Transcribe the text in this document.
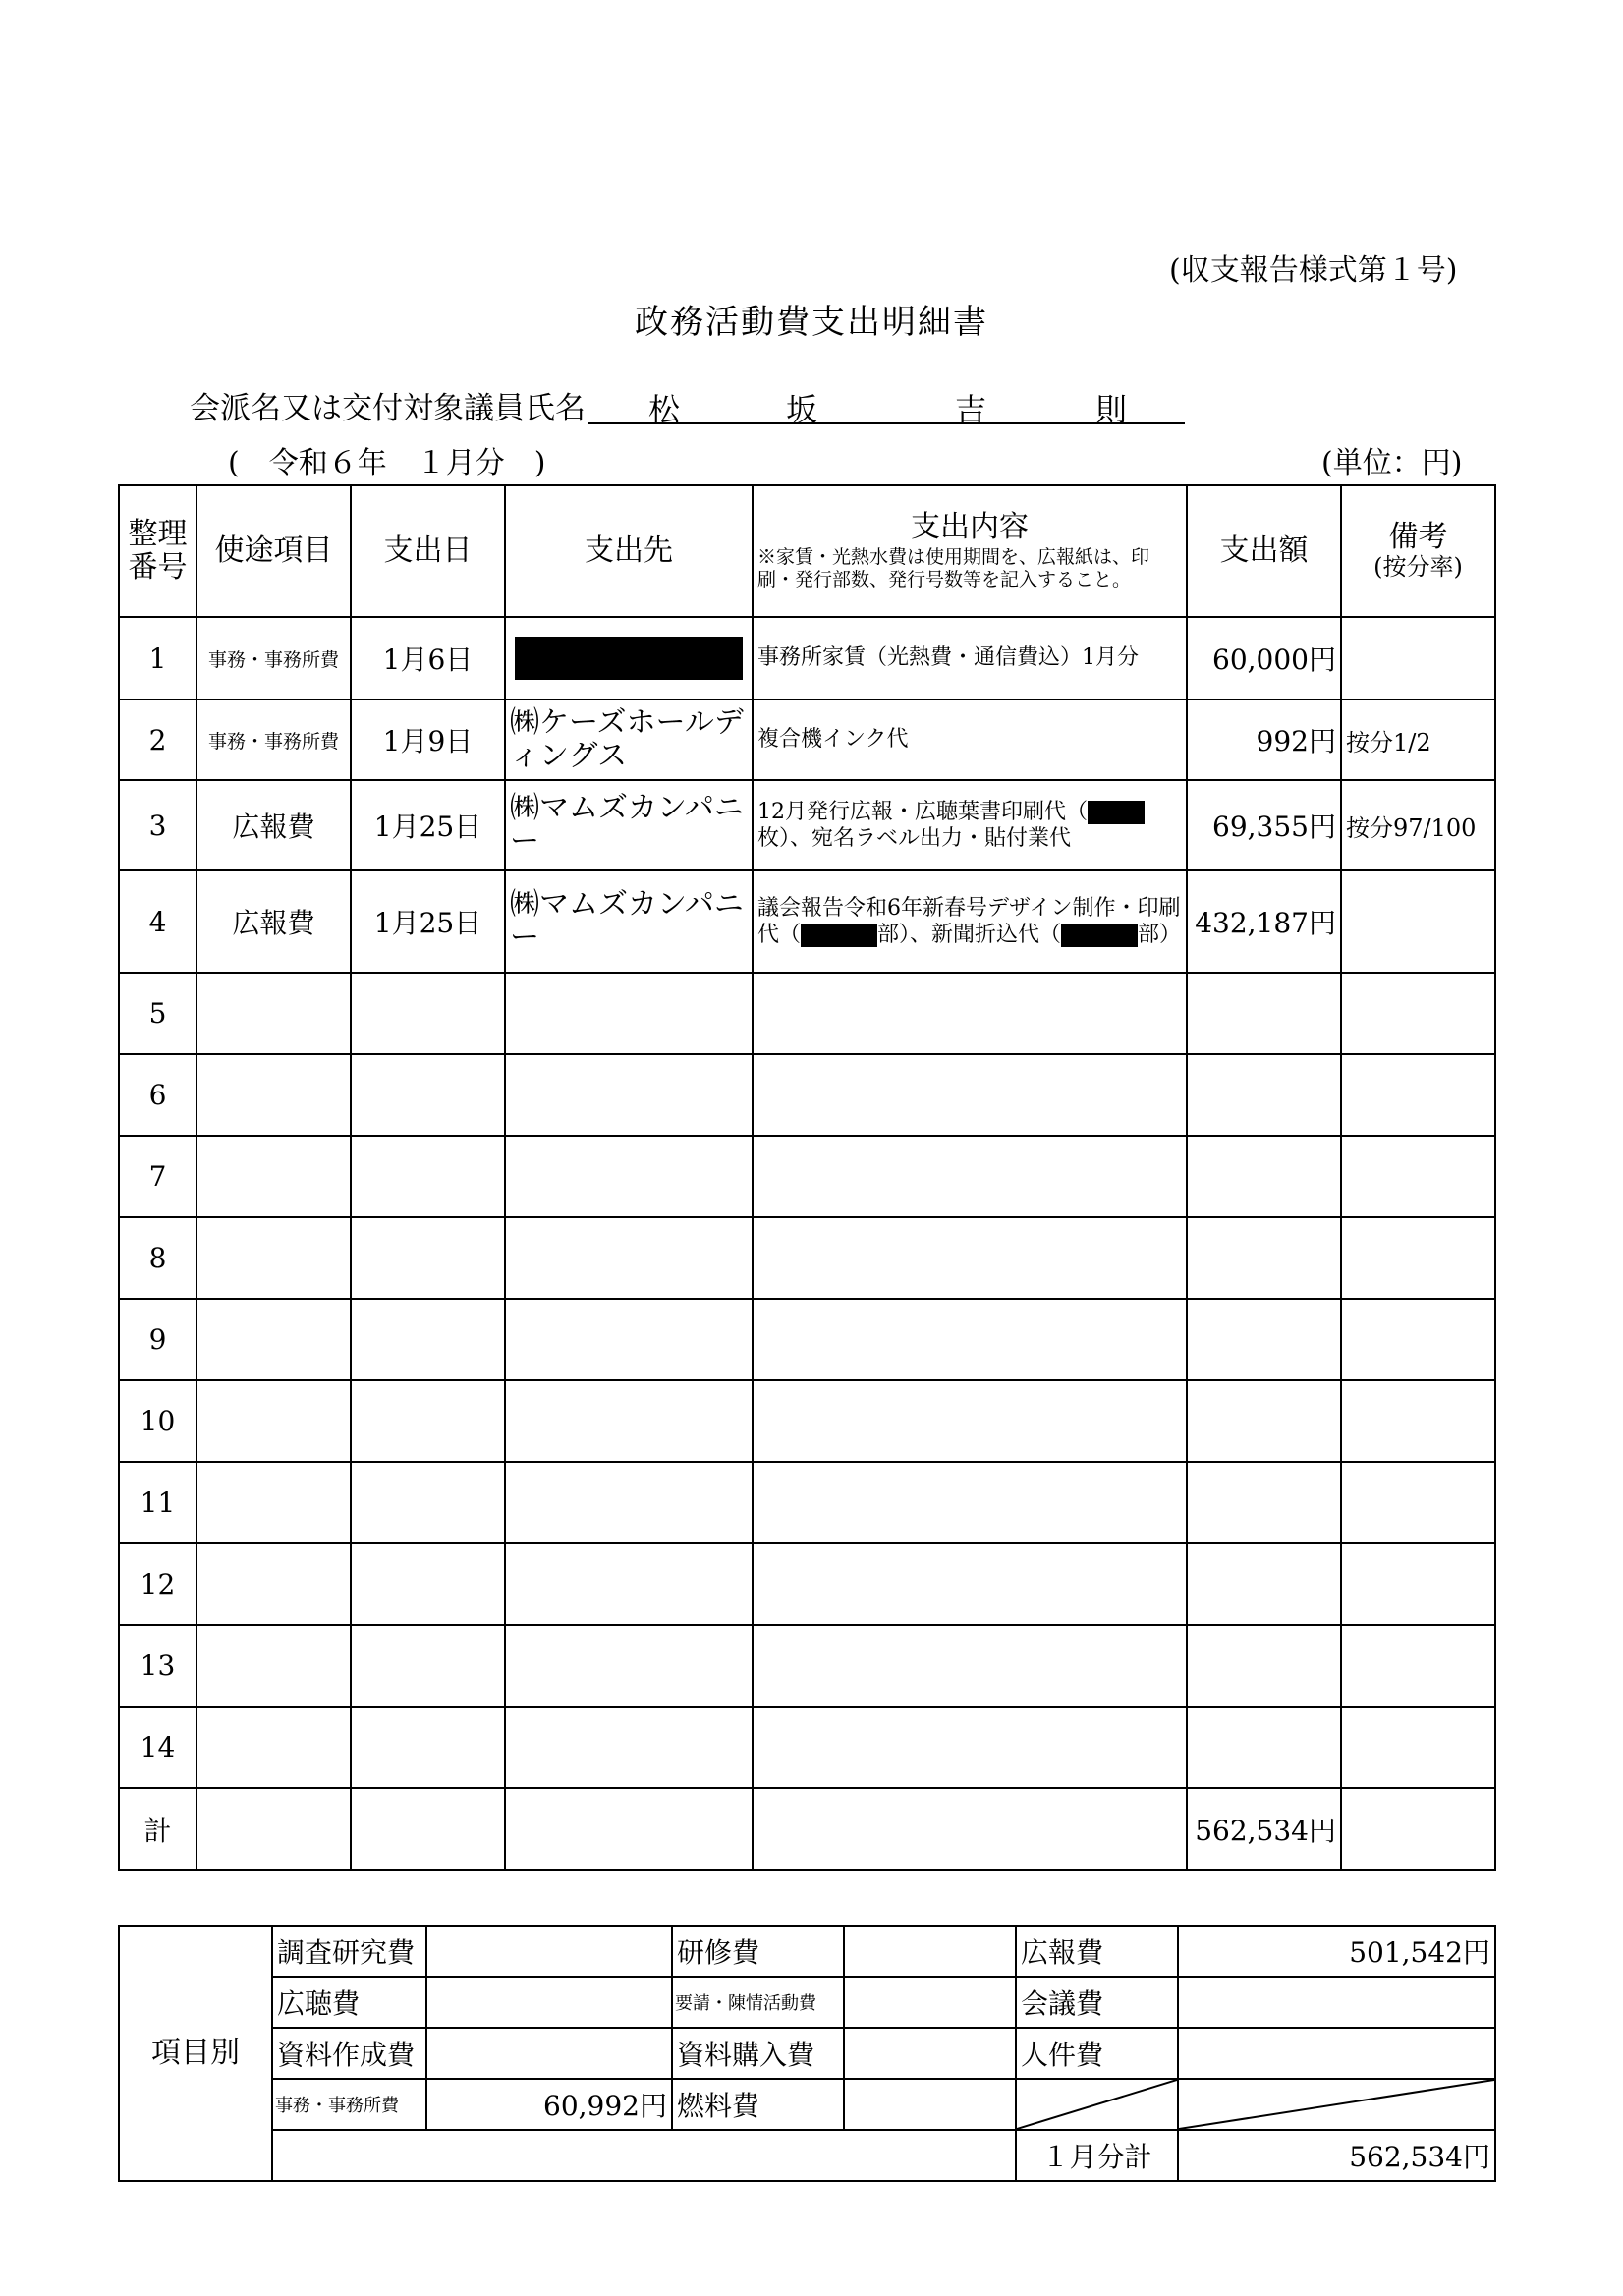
(収支報告様式第１号)
政務活動費支出明細書
会派名又は交付対象議員氏名 松	坂	吉	則
(　令和６年　１月分　)	(単位：円)
整理番号	使途項目	支出日	支出先	支出内容
※家賃・光熱水費は使用期間を、広報紙は、印刷・発行部数、発行号数等を記入すること。	支出額	備考
(按分率)

1	事務・事務所費	1月6日		事務所家賃（光熱費・通信費込）1月分	60,000円	
2	事務・事務所費	1月9日	㈱ケーズホールディングス	複合機インク代	992円	按分1/2
3	広報費	1月25日	㈱マムズカンパニー	12月発行広報・広聴葉書印刷代（枚）、宛名ラベル出力・貼付業代	69,355円	按分97/100
4	広報費	1月25日	㈱マムズカンパニー	議会報告令和6年新春号デザイン制作・印刷代（ 部）、新聞折込代（ 部）	432,187円	
5						
6						
7						
8						
9						
10						
11						
12						
13						
14						
計					562,534円	
項目別	調査研究費		研修費		広報費	501,542円
	広聴費		要請・陳情活動費		会議費	
	資料作成費		資料購入費		人件費	
	事務・事務所費	60,992円	燃料費		

					１月分計	562,534円
